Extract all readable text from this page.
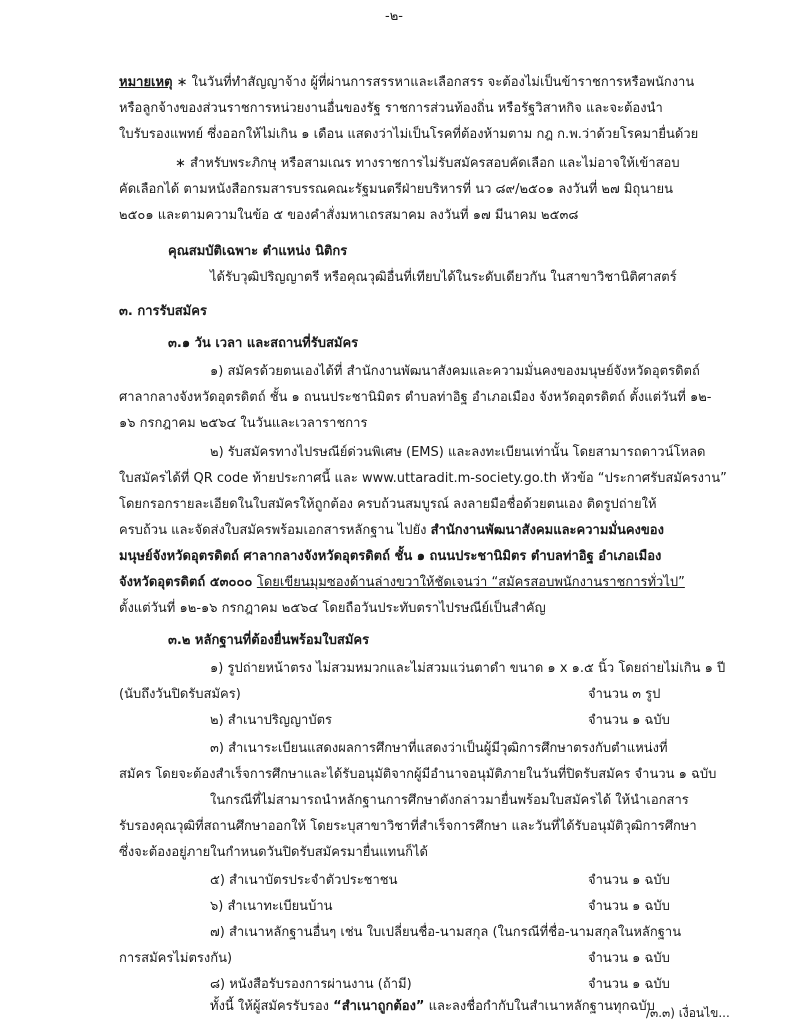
-๒-
หมายเหตุ ∗ ในวันที่ทำสัญญาจ้าง ผู้ที่ผ่านการสรรหาและเลือกสรร จะต้องไม่เป็นข้าราชการหรือพนักงาน
หรือลูกจ้างของส่วนราชการหน่วยงานอื่นของรัฐ ราชการส่วนท้องถิ่น หรือรัฐวิสาหกิจ และจะต้องนำ
ใบรับรองแพทย์ ซึ่งออกให้ไม่เกิน ๑ เดือน แสดงว่าไม่เป็นโรคที่ต้องห้ามตาม กฎ ก.พ.ว่าด้วยโรคมายื่นด้วย
∗ สำหรับพระภิกษุ หรือสามเณร ทางราชการไม่รับสมัครสอบคัดเลือก และไม่อาจให้เข้าสอบ
คัดเลือกได้ ตามหนังสือกรมสารบรรณคณะรัฐมนตรีฝ่ายบริหารที่ นว ๘๙/๒๕๐๑ ลงวันที่ ๒๗ มิถุนายน
๒๕๐๑ และตามความในข้อ ๕ ของคำสั่งมหาเถรสมาคม ลงวันที่ ๑๗ มีนาคม ๒๕๓๘
คุณสมบัติเฉพาะ ตำแหน่ง นิติกร
ได้รับวุฒิปริญญาตรี หรือคุณวุฒิอื่นที่เทียบได้ในระดับเดียวกัน ในสาขาวิชานิติศาสตร์
๓. การรับสมัคร
๓.๑ วัน เวลา และสถานที่รับสมัคร
๑) สมัครด้วยตนเองได้ที่ สำนักงานพัฒนาสังคมและความมั่นคงของมนุษย์จังหวัดอุตรดิตถ์
ศาลากลางจังหวัดอุตรดิตถ์ ชั้น ๑ ถนนประชานิมิตร ตำบลท่าอิฐ อำเภอเมือง จังหวัดอุตรดิตถ์ ตั้งแต่วันที่ ๑๒-
๑๖ กรกฎาคม ๒๕๖๔ ในวันและเวลาราชการ
๒) รับสมัครทางไปรษณีย์ด่วนพิเศษ (EMS) และลงทะเบียนเท่านั้น โดยสามารถดาวน์โหลด
ใบสมัครได้ที่ QR code ท้ายประกาศนี้ และ www.uttaradit.m-society.go.th หัวข้อ “ประกาศรับสมัครงาน”
โดยกรอกรายละเอียดในใบสมัครให้ถูกต้อง ครบถ้วนสมบูรณ์ ลงลายมือชื่อด้วยตนเอง ติดรูปถ่ายให้
ครบถ้วน และจัดส่งใบสมัครพร้อมเอกสารหลักฐาน ไปยัง สำนักงานพัฒนาสังคมและความมั่นคงของ
มนุษย์จังหวัดอุตรดิตถ์ ศาลากลางจังหวัดอุตรดิตถ์ ชั้น ๑ ถนนประชานิมิตร ตำบลท่าอิฐ อำเภอเมือง
จังหวัดอุตรดิตถ์ ๕๓๐๐๐ โดยเขียนมุมซองด้านล่างขวาให้ชัดเจนว่า “สมัครสอบพนักงานราชการทั่วไป”
ตั้งแต่วันที่ ๑๒-๑๖ กรกฎาคม ๒๕๖๔ โดยถือวันประทับตราไปรษณีย์เป็นสำคัญ
๓.๒ หลักฐานที่ต้องยื่นพร้อมใบสมัคร
๑) รูปถ่ายหน้าตรง ไม่สวมหมวกและไม่สวมแว่นตาดำ ขนาด ๑ x ๑.๕ นิ้ว โดยถ่ายไม่เกิน ๑ ปี
(นับถึงวันปิดรับสมัคร)	จำนวน ๓ รูป
๒) สำเนาปริญญาบัตร	จำนวน ๑ ฉบับ
๓) สำเนาระเบียนแสดงผลการศึกษาที่แสดงว่าเป็นผู้มีวุฒิการศึกษาตรงกับตำแหน่งที่
สมัคร โดยจะต้องสำเร็จการศึกษาและได้รับอนุมัติจากผู้มีอำนาจอนุมัติภายในวันที่ปิดรับสมัคร จำนวน ๑ ฉบับ
ในกรณีที่ไม่สามารถนำหลักฐานการศึกษาดังกล่าวมายื่นพร้อมใบสมัครได้ ให้นำเอกสาร
รับรองคุณวุฒิที่สถานศึกษาออกให้ โดยระบุสาขาวิชาที่สำเร็จการศึกษา และวันที่ได้รับอนุมัติวุฒิการศึกษา
ซึ่งจะต้องอยู่ภายในกำหนดวันปิดรับสมัครมายื่นแทนก็ได้
๕) สำเนาบัตรประจำตัวประชาชน	จำนวน ๑ ฉบับ
๖) สำเนาทะเบียนบ้าน	จำนวน ๑ ฉบับ
๗) สำเนาหลักฐานอื่นๆ เช่น ใบเปลี่ยนชื่อ-นามสกุล (ในกรณีที่ชื่อ-นามสกุลในหลักฐาน
การสมัครไม่ตรงกัน)	จำนวน ๑ ฉบับ
๘) หนังสือรับรองการผ่านงาน (ถ้ามี)	จำนวน ๑ ฉบับ
ทั้งนี้ ให้ผู้สมัครรับรอง “สำเนาถูกต้อง” และลงชื่อกำกับในสำเนาหลักฐานทุกฉบับ
/๓.๓) เงื่อนไข...
